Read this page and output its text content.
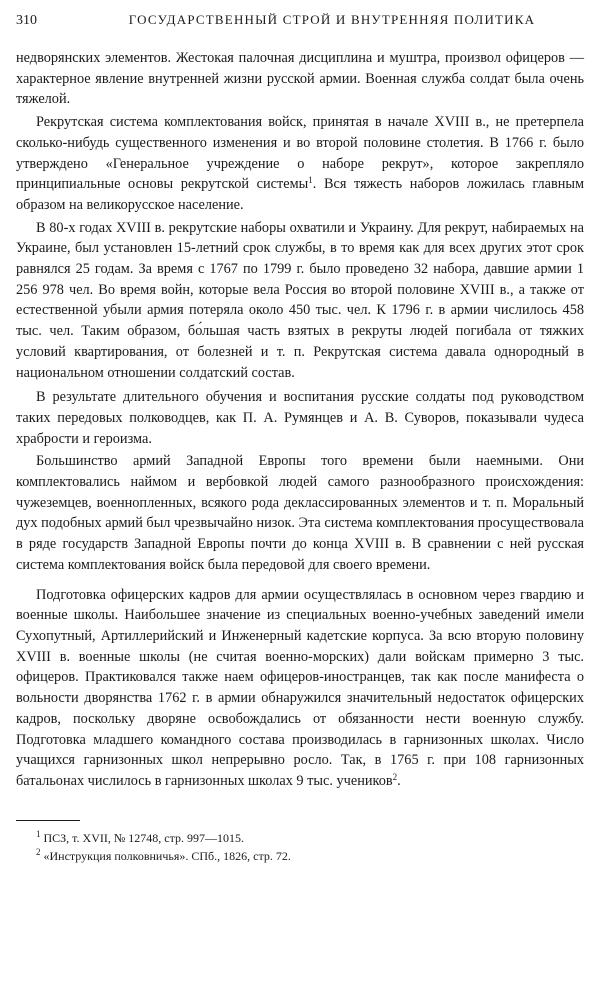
310	ГОСУДАРСТВЕННЫЙ СТРОЙ И ВНУТРЕННЯЯ ПОЛИТИКА

недворянских элементов. Жестокая палочная дисциплина и муштра, произвол офицеров — характерное явление внутренней жизни русской армии. Военная служба солдат была очень тяжелой.

Рекрутская система комплектования войск, принятая в начале XVIII в., не претерпела сколько-нибудь существенного изменения и во второй половине столетия. В 1766 г. было утверждено «Генеральное учреждение о наборе рекрут», которое закрепляло принципиальные основы рекрутской системы$^1$. Вся тяжесть наборов ложилась главным образом на великорусское население.

В 80-х годах XVIII в. рекрутские наборы охватили и Украину. Для рекрут, набираемых на Украине, был установлен 15-летний срок службы, в то время как для всех других этот срок равнялся 25 годам. За время с 1767 по 1799 г. было проведено 32 набора, давшие армии 1 256 978 чел. Во время войн, которые вела Россия во второй половине XVIII в., а также от естественной убыли армия потеряла около 450 тыс. чел. К 1796 г. в армии числилось 458 тыс. чел. Таким образом, бо́льшая часть взятых в рекруты людей погибала от тяжких условий квартирования, от болезней и т. п. Рекрутская система давала однородный в национальном отношении солдатский состав.

В результате длительного обучения и воспитания русские солдаты под руководством таких передовых полководцев, как П. А. Румянцев и А. В. Суворов, показывали чудеса храбрости и героизма.

Большинство армий Западной Европы того времени были наемными. Они комплектовались наймом и вербовкой людей самого разнообразного происхождения: чужеземцев, военнопленных, всякого рода деклассированных элементов и т. п. Моральный дух подобных армий был чрезвычайно низок. Эта система комплектования просуществовала в ряде государств Западной Европы почти до конца XVIII в. В сравнении с ней русская система комплектования войск была передовой для своего времени.

Подготовка офицерских кадров для армии осуществлялась в основном через гвардию и военные школы. Наибольшее значение из специальных военно-учебных заведений имели Сухопутный, Артиллерийский и Инженерный кадетские корпуса. За всю вторую половину XVIII в. военные школы (не считая военно-морских) дали войскам примерно 3 тыс. офицеров. Практиковался также наем офицеров-иностранцев, так как после манифеста о вольности дворянства 1762 г. в армии обнаружился значительный недостаток офицерских кадров, поскольку дворяне освобождались от обязанности нести военную службу. Подготовка младшего командного состава производилась в гарнизонных школах. Число учащихся гарнизонных школ непрерывно росло. Так, в 1765 г. при 108 гарнизонных батальонах числилось в гарнизонных школах 9 тыс. учеников$^2$.

$^1$ ПСЗ, т. XVII, № 12748, стр. 997—1015.
$^2$ «Инструкция полковничья». СПб., 1826, стр. 72.
